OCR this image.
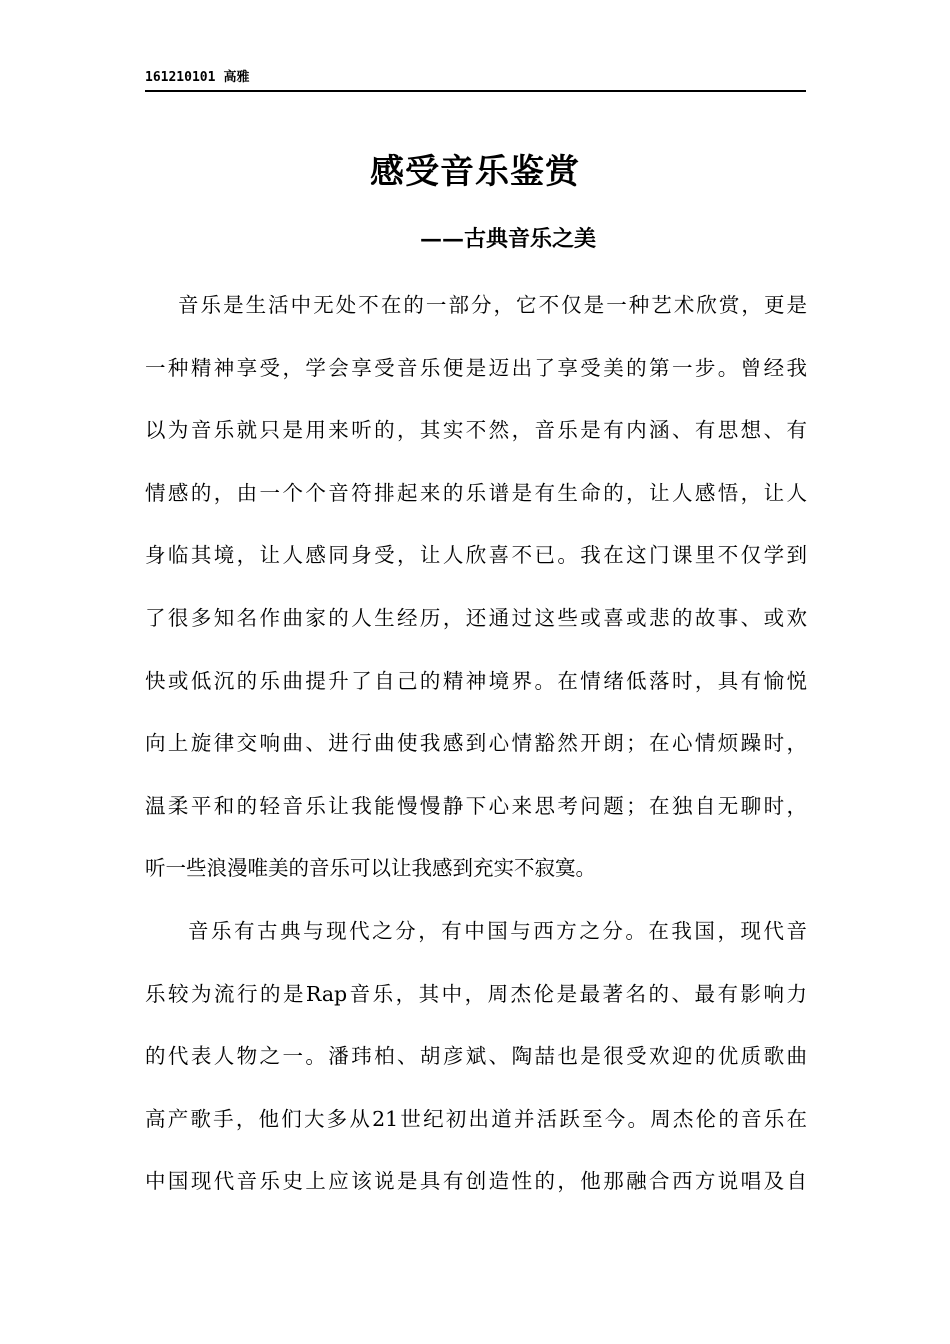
161210101 高雅
感受音乐鉴赏
——古典音乐之美
音乐是生活中无处不在的一部分，它不仅是一种艺术欣赏，更是
一种精神享受，学会享受音乐便是迈出了享受美的第一步。曾经我
以为音乐就只是用来听的，其实不然，音乐是有内涵、有思想、有
情感的，由一个个音符排起来的乐谱是有生命的，让人感悟，让人
身临其境，让人感同身受，让人欣喜不已。我在这门课里不仅学到
了很多知名作曲家的人生经历，还通过这些或喜或悲的故事、或欢
快或低沉的乐曲提升了自己的精神境界。在情绪低落时，具有愉悦
向上旋律交响曲、进行曲使我感到心情豁然开朗；在心情烦躁时，
温柔平和的轻音乐让我能慢慢静下心来思考问题；在独自无聊时，
听一些浪漫唯美的音乐可以让我感到充实不寂寞。
音乐有古典与现代之分，有中国与西方之分。在我国，现代音
乐较为流行的是Rap音乐，其中，周杰伦是最著名的、最有影响力
的代表人物之一。潘玮柏、胡彦斌、陶喆也是很受欢迎的优质歌曲
高产歌手，他们大多从21世纪初出道并活跃至今。周杰伦的音乐在
中国现代音乐史上应该说是具有创造性的，他那融合西方说唱及自
